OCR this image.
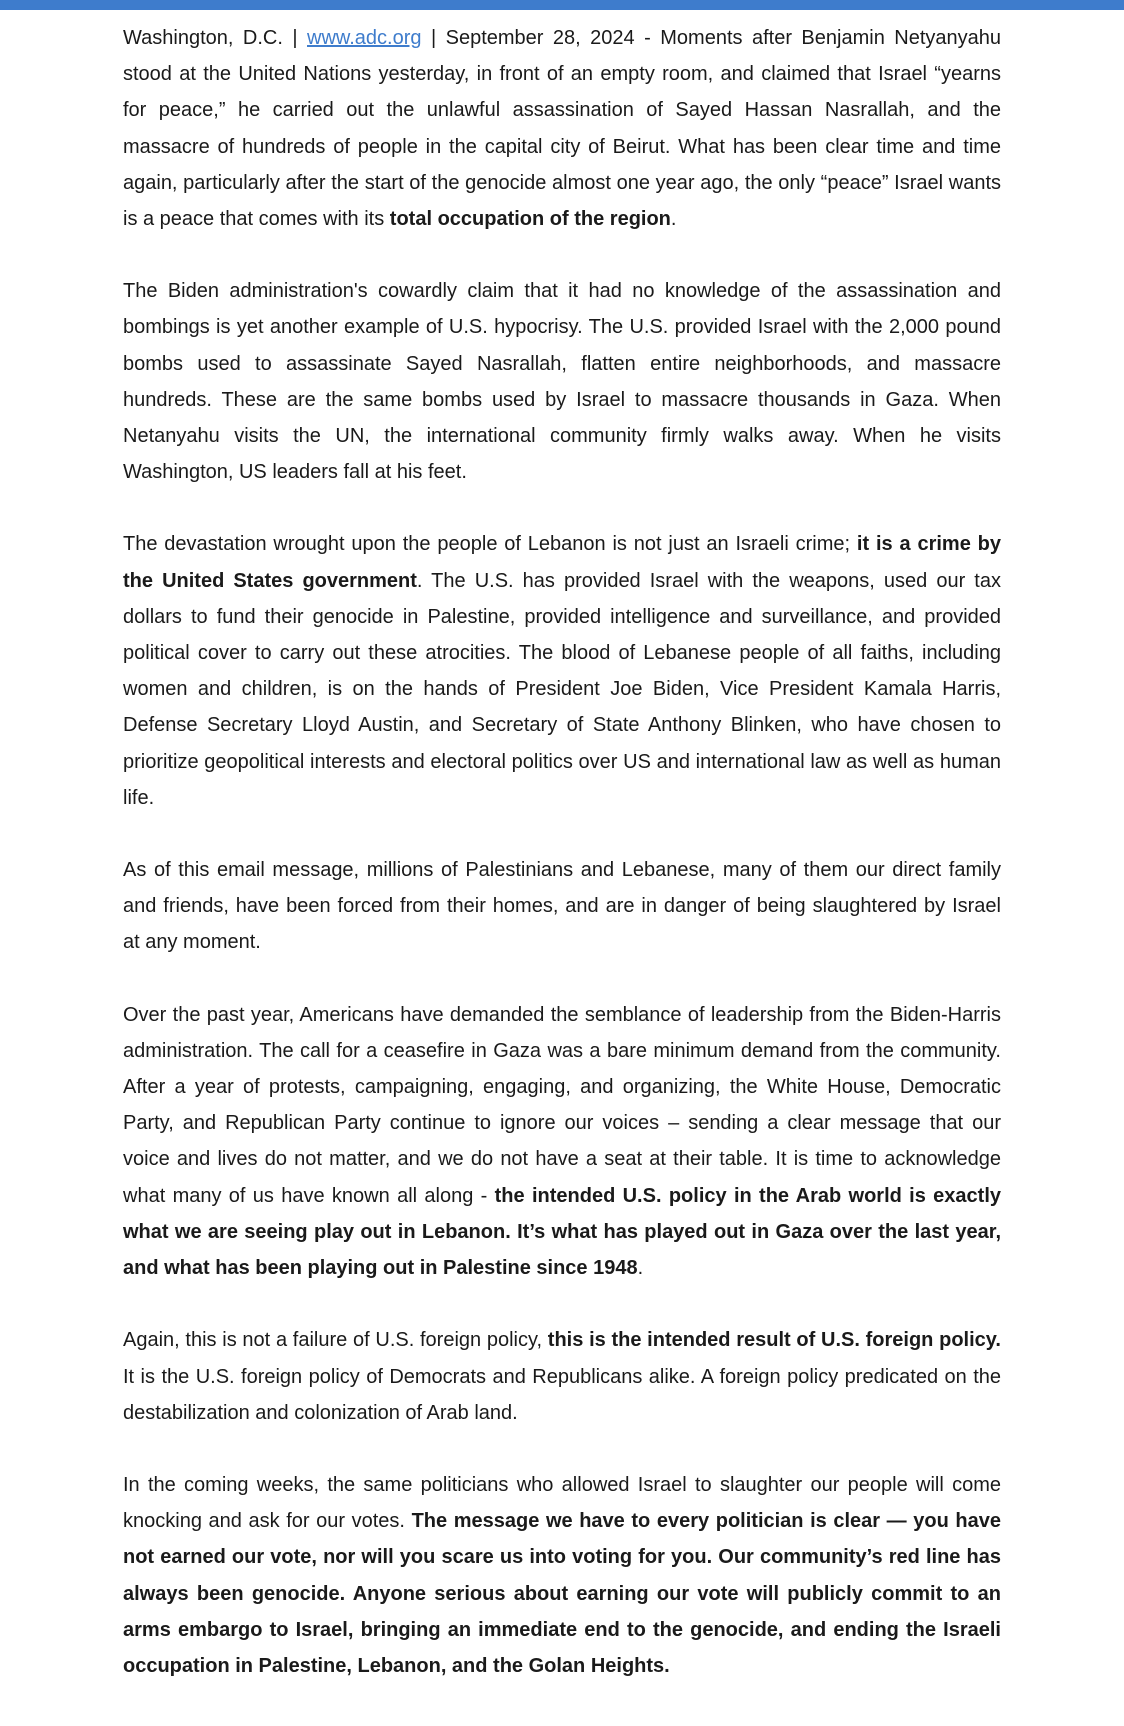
Washington, D.C. | www.adc.org | September 28, 2024 - Moments after Benjamin Netyanyahu stood at the United Nations yesterday, in front of an empty room, and claimed that Israel “yearns for peace,” he carried out the unlawful assassination of Sayed Hassan Nasrallah, and the massacre of hundreds of people in the capital city of Beirut. What has been clear time and time again, particularly after the start of the genocide almost one year ago, the only “peace” Israel wants is a peace that comes with its total occupation of the region.

The Biden administration's cowardly claim that it had no knowledge of the assassination and bombings is yet another example of U.S. hypocrisy. The U.S. provided Israel with the 2,000 pound bombs used to assassinate Sayed Nasrallah, flatten entire neighborhoods, and massacre hundreds. These are the same bombs used by Israel to massacre thousands in Gaza. When Netanyahu visits the UN, the international community firmly walks away. When he visits Washington, US leaders fall at his feet.

The devastation wrought upon the people of Lebanon is not just an Israeli crime; it is a crime by the United States government. The U.S. has provided Israel with the weapons, used our tax dollars to fund their genocide in Palestine, provided intelligence and surveillance, and provided political cover to carry out these atrocities. The blood of Lebanese people of all faiths, including women and children, is on the hands of President Joe Biden, Vice President Kamala Harris, Defense Secretary Lloyd Austin, and Secretary of State Anthony Blinken, who have chosen to prioritize geopolitical interests and electoral politics over US and international law as well as human life.

As of this email message, millions of Palestinians and Lebanese, many of them our direct family and friends, have been forced from their homes, and are in danger of being slaughtered by Israel at any moment.

Over the past year, Americans have demanded the semblance of leadership from the Biden-Harris administration. The call for a ceasefire in Gaza was a bare minimum demand from the community. After a year of protests, campaigning, engaging, and organizing, the White House, Democratic Party, and Republican Party continue to ignore our voices – sending a clear message that our voice and lives do not matter, and we do not have a seat at their table. It is time to acknowledge what many of us have known all along - the intended U.S. policy in the Arab world is exactly what we are seeing play out in Lebanon. It’s what has played out in Gaza over the last year, and what has been playing out in Palestine since 1948.

Again, this is not a failure of U.S. foreign policy, this is the intended result of U.S. foreign policy. It is the U.S. foreign policy of Democrats and Republicans alike. A foreign policy predicated on the destabilization and colonization of Arab land.

In the coming weeks, the same politicians who allowed Israel to slaughter our people will come knocking and ask for our votes. The message we have to every politician is clear — you have not earned our vote, nor will you scare us into voting for you. Our community’s red line has always been genocide. Anyone serious about earning our vote will publicly commit to an arms embargo to Israel, bringing an immediate end to the genocide, and ending the Israeli occupation in Palestine, Lebanon, and the Golan Heights.
